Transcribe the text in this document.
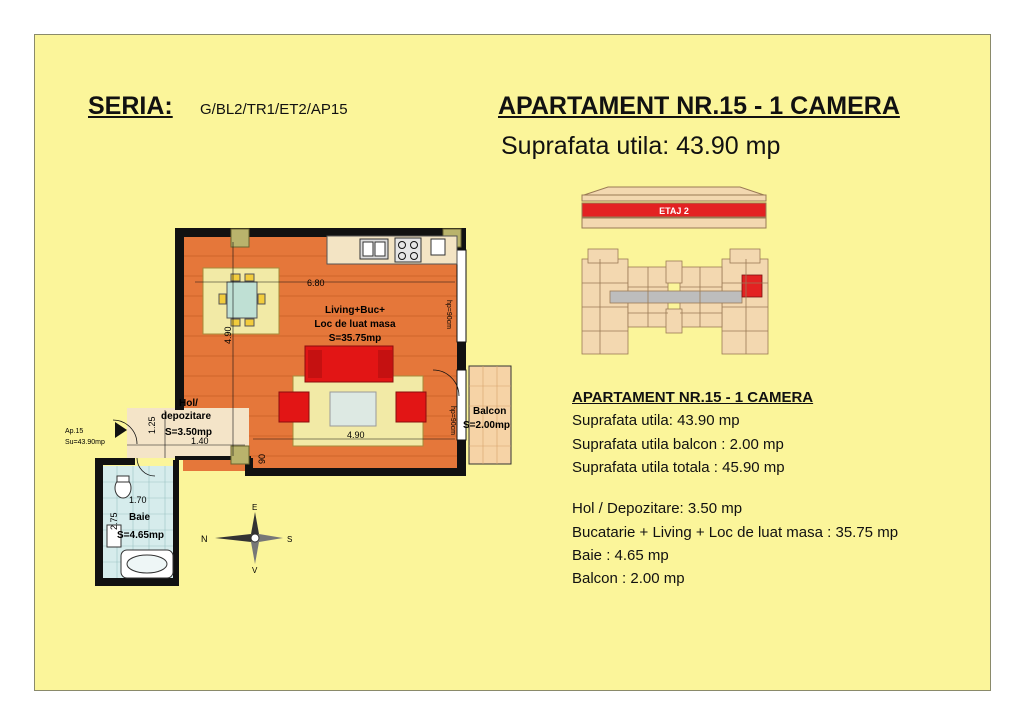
SERIA: G/BL2/TR1/ET2/AP15	APARTAMENT NR.15 - 1 CAMERA
Suprafata utila: 43.90 mp
ETAJ 2
hp=90cm
hp=90cm
Living+Buc+
Loc de luat masa
S=35.75mp
Hol/
depozitare
S=3.50mp
Baie
S=4.65mp
Balcon
S=2.00mp
Ap.15
Su=43.90mp
6.80
4.90
4.90
1.25
1.40
90
1.70
2.75
N	S
E
V
APARTAMENT NR.15 - 1 CAMERA
Suprafata utila: 43.90 mp
Suprafata utila balcon : 2.00 mp
Suprafata utila totala : 45.90 mp
Hol / Depozitare: 3.50 mp
Bucatarie + Living + Loc de luat masa : 35.75 mp
Baie : 4.65 mp
Balcon : 2.00 mp
